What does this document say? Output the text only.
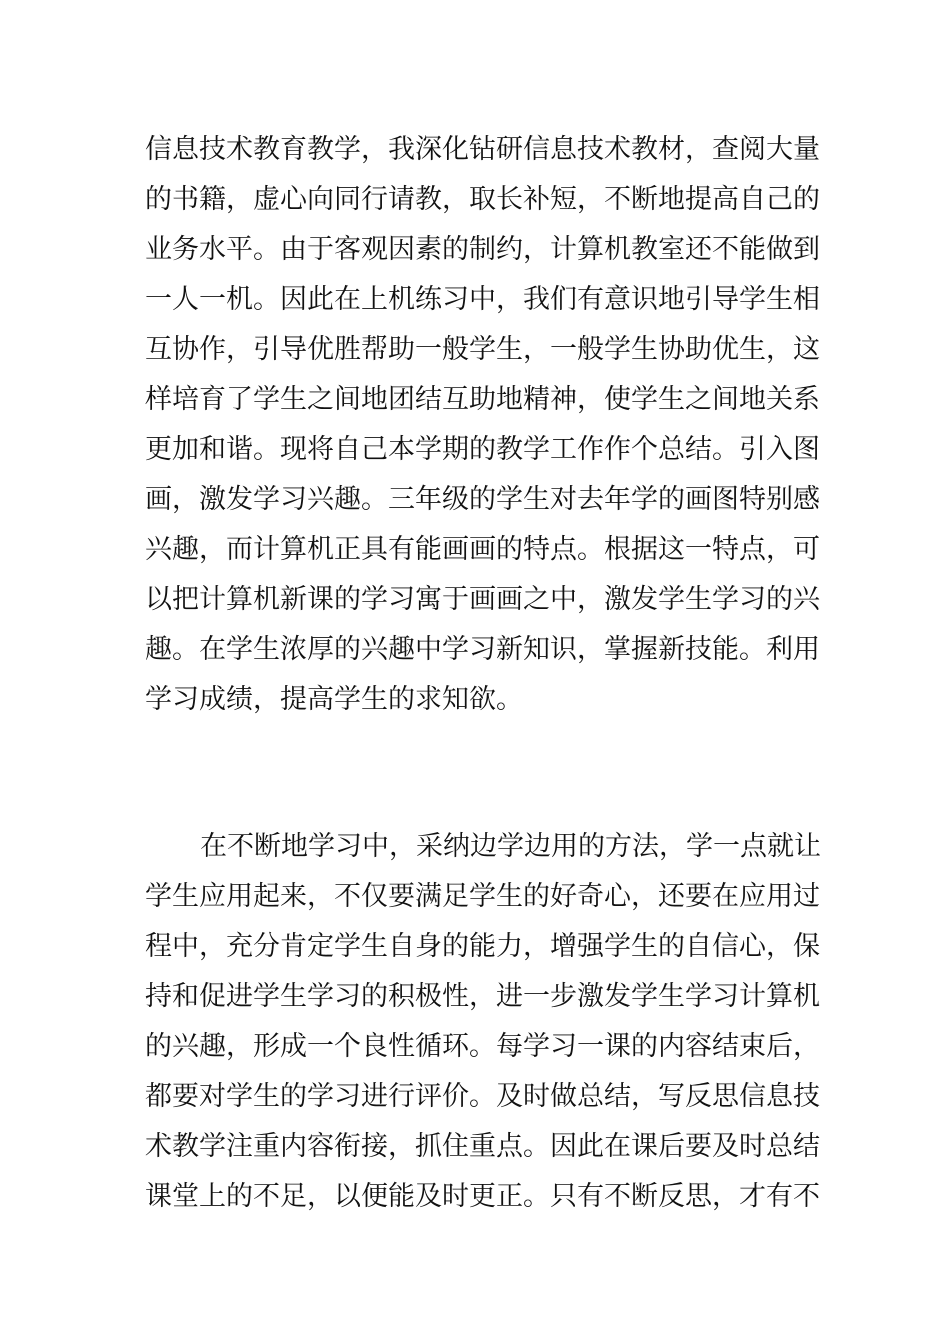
信息技术教育教学，我深化钻研信息技术教材，查阅大量
的书籍，虚心向同行请教，取长补短，不断地提高自己的
业务水平。由于客观因素的制约，计算机教室还不能做到
一人一机。因此在上机练习中，我们有意识地引导学生相
互协作，引导优胜帮助一般学生，一般学生协助优生，这
样培育了学生之间地团结互助地精神，使学生之间地关系
更加和谐。现将自己本学期的教学工作作个总结。引入图
画，激发学习兴趣。三年级的学生对去年学的画图特别感
兴趣，而计算机正具有能画画的特点。根据这一特点，可
以把计算机新课的学习寓于画画之中，激发学生学习的兴
趣。在学生浓厚的兴趣中学习新知识，掌握新技能。利用
学习成绩，提高学生的求知欲。
在不断地学习中，采纳边学边用的方法，学一点就让
学生应用起来，不仅要满足学生的好奇心，还要在应用过
程中，充分肯定学生自身的能力，增强学生的自信心，保
持和促进学生学习的积极性，进一步激发学生学习计算机
的兴趣，形成一个良性循环。每学习一课的内容结束后，
都要对学生的学习进行评价。及时做总结，写反思信息技
术教学注重内容衔接，抓住重点。因此在课后要及时总结
课堂上的不足，以便能及时更正。只有不断反思，才有不
